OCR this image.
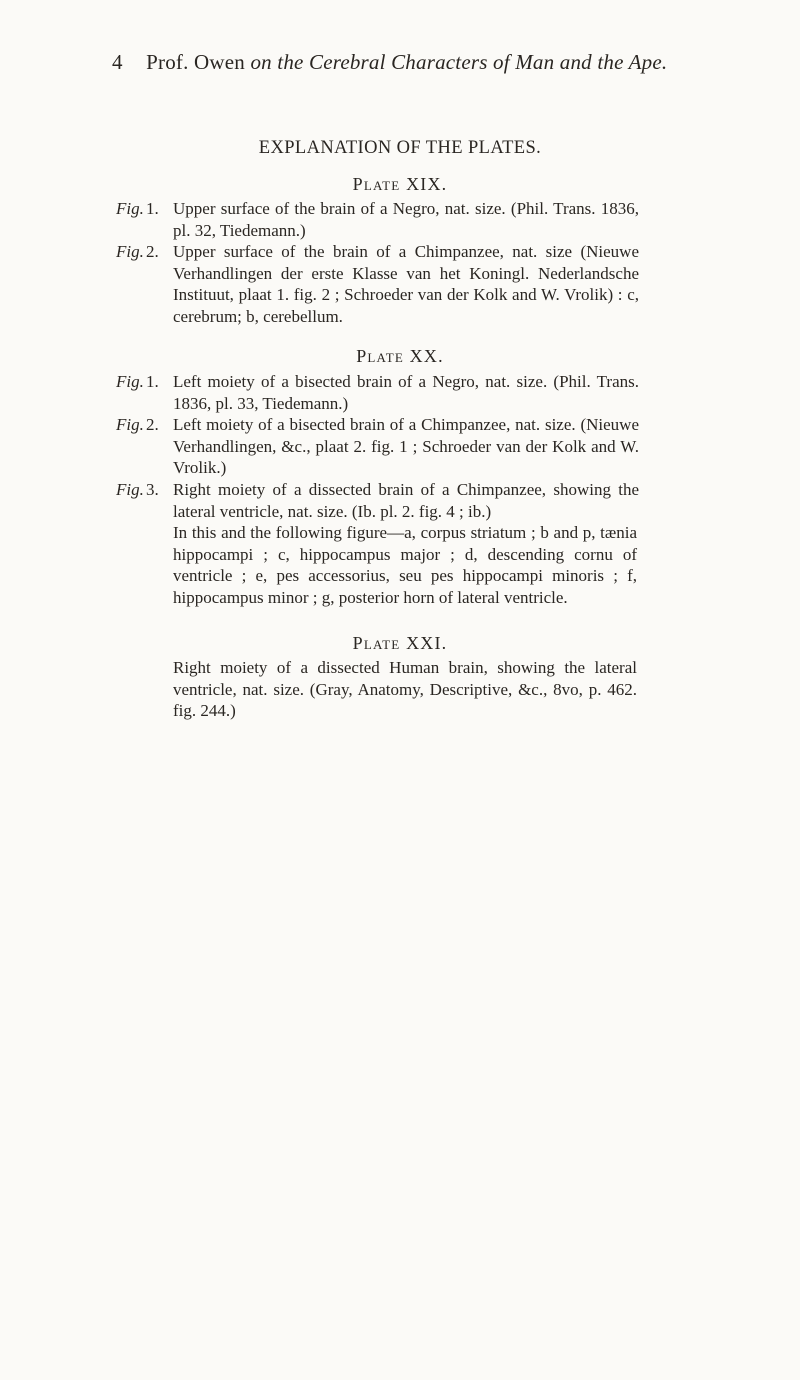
4 Prof. Owen on the Cerebral Characters of Man and the Ape.
EXPLANATION OF THE PLATES.
Plate XIX.
Fig. 1. Upper surface of the brain of a Negro, nat. size. (Phil. Trans. 1836, pl. 32, Tiedemann.)
Fig. 2. Upper surface of the brain of a Chimpanzee, nat. size (Nieuwe Verhandlingen der erste Klasse van het Koningl. Nederlandsche Instituut, plaat 1. fig. 2 ; Schroeder van der Kolk and W. Vrolik) : c, cerebrum; b, cerebellum.
Plate XX.
Fig. 1. Left moiety of a bisected brain of a Negro, nat. size. (Phil. Trans. 1836, pl. 33, Tiedemann.)
Fig. 2. Left moiety of a bisected brain of a Chimpanzee, nat. size. (Nieuwe Verhandlingen, &c., plaat 2. fig. 1 ; Schroeder van der Kolk and W. Vrolik.)
Fig. 3. Right moiety of a dissected brain of a Chimpanzee, showing the lateral ventricle, nat. size. (Ib. pl. 2. fig. 4 ; ib.)
In this and the following figure—a, corpus striatum ; b and p, tænia hippocampi ; c, hippocampus major ; d, descending cornu of ventricle ; e, pes accessorius, seu pes hippocampi minoris ; f, hippocampus minor ; g, posterior horn of lateral ventricle.
Plate XXI.
Right moiety of a dissected Human brain, showing the lateral ventricle, nat. size. (Gray, Anatomy, Descriptive, &c., 8vo, p. 462. fig. 244.)
